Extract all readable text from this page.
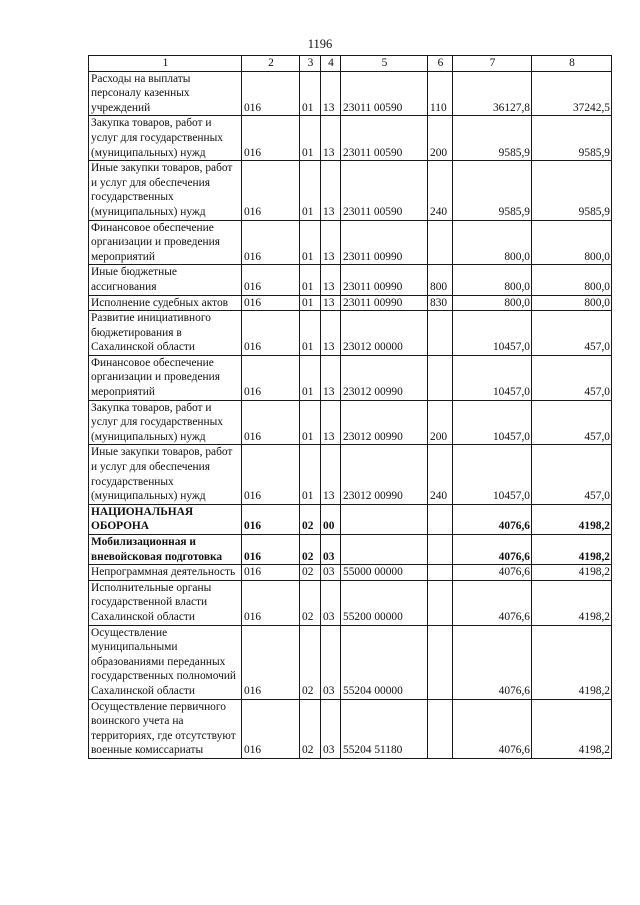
1196
1	2	3	4	5	6	7	8
Расходы на выплаты персоналу казенных учреждений	016	01	13	23011 00590	110	36127,8	37242,5
Закупка товаров, работ и услуг для государственных (муниципальных) нужд	016	01	13	23011 00590	200	9585,9	9585,9
Иные закупки товаров, работ и услуг для обеспечения государственных (муниципальных) нужд	016	01	13	23011 00590	240	9585,9	9585,9
Финансовое обеспечение организации и проведения мероприятий	016	01	13	23011 00990		800,0	800,0
Иные бюджетные ассигнования	016	01	13	23011 00990	800	800,0	800,0
Исполнение судебных актов	016	01	13	23011 00990	830	800,0	800,0
Развитие инициативного бюджетирования в Сахалинской области	016	01	13	23012 00000		10457,0	457,0
Финансовое обеспечение организации и проведения мероприятий	016	01	13	23012 00990		10457,0	457,0
Закупка товаров, работ и услуг для государственных (муниципальных) нужд	016	01	13	23012 00990	200	10457,0	457,0
Иные закупки товаров, работ и услуг для обеспечения государственных (муниципальных) нужд	016	01	13	23012 00990	240	10457,0	457,0
НАЦИОНАЛЬНАЯ ОБОРОНА	016	02	00			4076,6	4198,2
Мобилизационная и вневойсковая подготовка	016	02	03			4076,6	4198,2
Непрограммная деятельность	016	02	03	55000 00000		4076,6	4198,2
Исполнительные органы государственной власти Сахалинской области	016	02	03	55200 00000		4076,6	4198,2
Осуществление муниципальными образованиями переданных государственных полномочий Сахалинской области	016	02	03	55204 00000		4076,6	4198,2
Осуществление первичного воинского учета на территориях, где отсутствуют военные комиссариаты	016	02	03	55204 51180		4076,6	4198,2
